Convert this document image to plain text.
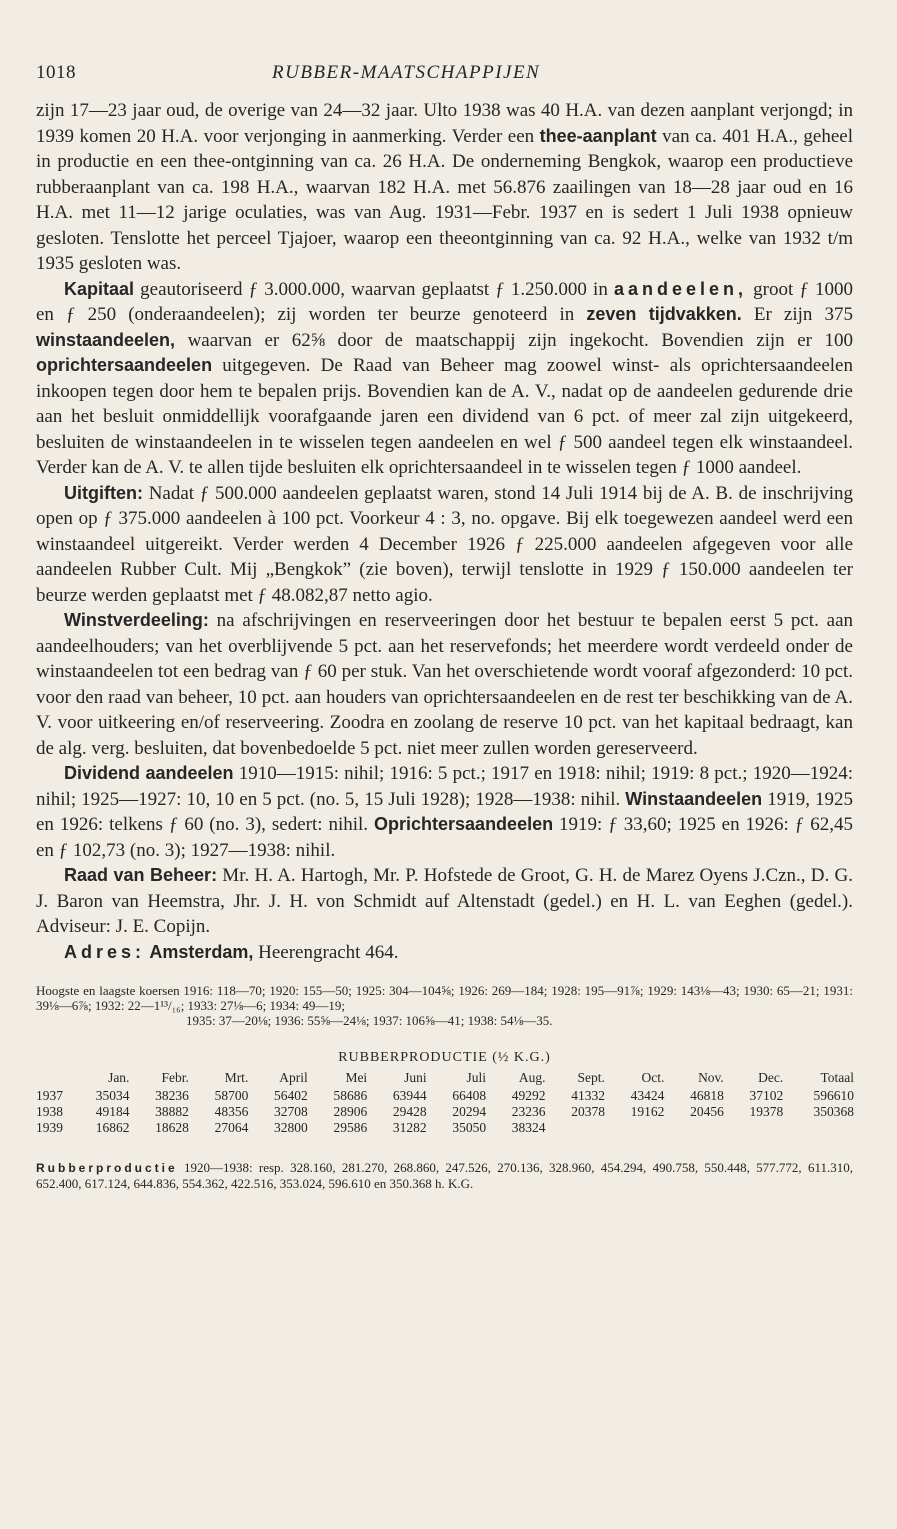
1018	RUBBER-MAATSCHAPPIJEN

zijn 17—23 jaar oud, de overige van 24—32 jaar. Ulto 1938 was 40 H.A. van dezen aanplant verjongd; in 1939 komen 20 H.A. voor verjonging in aanmerking. Verder een thee-aanplant van ca. 401 H.A., geheel in productie en een thee-ontginning van ca. 26 H.A. De onderneming Bengkok, waarop een productieve rubberaanplant van ca. 198 H.A., waarvan 182 H.A. met 56.876 zaailingen van 18—28 jaar oud en 16 H.A. met 11—12 jarige oculaties, was van Aug. 1931—Febr. 1937 en is sedert 1 Juli 1938 opnieuw gesloten. Tenslotte het perceel Tjajoer, waarop een theeontginning van ca. 92 H.A., welke van 1932 t/m 1935 gesloten was.

Kapitaal geautoriseerd ƒ 3.000.000, waarvan geplaatst ƒ 1.250.000 in aandeelen, groot ƒ 1000 en ƒ 250 (onderaandeelen); zij worden ter beurze genoteerd in zeven tijdvakken. Er zijn 375 winstaandeelen, waarvan er 62⅝ door de maatschappij zijn ingekocht. Bovendien zijn er 100 oprichtersaandeelen uitgegeven. De Raad van Beheer mag zoowel winst- als oprichtersaandeelen inkoopen tegen door hem te bepalen prijs. Bovendien kan de A. V., nadat op de aandeelen gedurende drie aan het besluit onmiddellijk voorafgaande jaren een dividend van 6 pct. of meer zal zijn uitgekeerd, besluiten de winstaandeelen in te wisselen tegen aandeelen en wel ƒ 500 aandeel tegen elk winstaandeel. Verder kan de A. V. te allen tijde besluiten elk oprichtersaandeel in te wisselen tegen ƒ 1000 aandeel.

Uitgiften: Nadat ƒ 500.000 aandeelen geplaatst waren, stond 14 Juli 1914 bij de A. B. de inschrijving open op ƒ 375.000 aandeelen à 100 pct. Voorkeur 4 : 3, no. opgave. Bij elk toegewezen aandeel werd een winstaandeel uitgereikt. Verder werden 4 December 1926 ƒ 225.000 aandeelen afgegeven voor alle aandeelen Rubber Cult. Mij „Bengkok” (zie boven), terwijl tenslotte in 1929 ƒ 150.000 aandeelen ter beurze werden geplaatst met ƒ 48.082,87 netto agio.

Winstverdeeling: na afschrijvingen en reserveeringen door het bestuur te bepalen eerst 5 pct. aan aandeelhouders; van het overblijvende 5 pct. aan het reservefonds; het meerdere wordt verdeeld onder de winstaandeelen tot een bedrag van ƒ 60 per stuk. Van het overschietende wordt vooraf afgezonderd: 10 pct. voor den raad van beheer, 10 pct. aan houders van oprichtersaandeelen en de rest ter beschikking van de A. V. voor uitkeering en/of reserveering. Zoodra en zoolang de reserve 10 pct. van het kapitaal bedraagt, kan de alg. verg. besluiten, dat bovenbedoelde 5 pct. niet meer zullen worden gereserveerd.

Dividend aandeelen 1910—1915: nihil; 1916: 5 pct.; 1917 en 1918: nihil; 1919: 8 pct.; 1920—1924: nihil; 1925—1927: 10, 10 en 5 pct. (no. 5, 15 Juli 1928); 1928—1938: nihil. Winstaandeelen 1919, 1925 en 1926: telkens ƒ 60 (no. 3), sedert: nihil. Oprichtersaandeelen 1919: ƒ 33,60; 1925 en 1926: ƒ 62,45 en ƒ 102,73 (no. 3); 1927—1938: nihil.

Raad van Beheer: Mr. H. A. Hartogh, Mr. P. Hofstede de Groot, G. H. de Marez Oyens J.Czn., D. G. J. Baron van Heemstra, Jhr. J. H. von Schmidt auf Altenstadt (gedel.) en H. L. van Eeghen (gedel.). Adviseur: J. E. Copijn.

Adres: Amsterdam, Heerengracht 464.

Hoogste en laagste koersen 1916: 118—70; 1920: 155—50; 1925: 304—104⅝; 1926: 269—184; 1928: 195—91⅞; 1929: 143⅛—43; 1930: 65—21; 1931: 39⅛—6⅞; 1932: 22—1¹³/₁₆; 1933: 27⅛—6; 1934: 49—19;

1935: 37—20⅛; 1936: 55⅝—24⅛; 1937: 106⅝—41; 1938: 54⅛—35.

RUBBERPRODUCTIE (½ K.G.)
	Jan.	Febr.	Mrt.	April	Mei	Juni	Juli	Aug.	Sept.	Oct.	Nov.	Dec.	Totaal
1937	35034	38236	58700	56402	58686	63944	66408	49292	41332	43424	46818	37102	596610
1938	49184	38882	48356	32708	28906	29428	20294	23236	20378	19162	20456	19378	350368
1939	16862	18628	27064	32800	29586	31282	35050	38324					

Rubberproductie 1920—1938: resp. 328.160, 281.270, 268.860, 247.526, 270.136, 328.960, 454.294, 490.758, 550.448, 577.772, 611.310, 652.400, 617.124, 644.836, 554.362, 422.516, 353.024, 596.610 en 350.368 h. K.G.
